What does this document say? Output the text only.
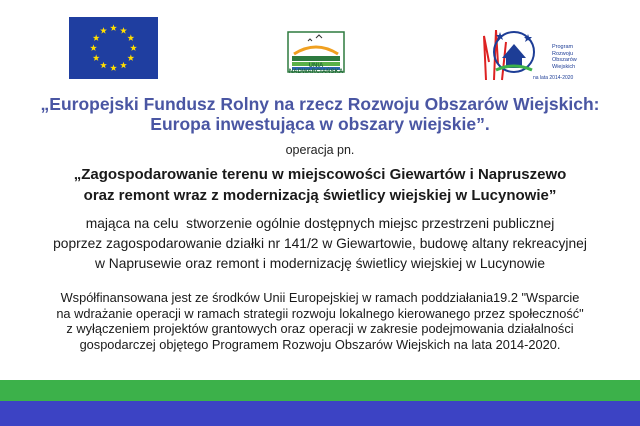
UNIA NADWARCIAŃSKA
Program
Rozwoju
Obszarów
Wiejskich
na lata 2014-2020
„Europejski Fundusz Rolny na rzecz Rozwoju Obszarów Wiejskich:
Europa inwestująca w obszary wiejskie”.
operacja pn.
„Zagospodarowanie terenu w miejscowości Giewartów i Napruszewo
oraz remont wraz z modernizacją świetlicy wiejskiej w Lucynowie”
mająca na celu  stworzenie ogólnie dostępnych miejsc przestrzeni publicznej
poprzez zagospodarowanie działki nr 141/2 w Giewartowie, budowę altany rekreacyjnej
w Naprusewie oraz remont i modernizację świetlicy wiejskiej w Lucynowie
Współfinansowana jest ze środków Unii Europejskiej w ramach poddziałania19.2 "Wsparcie
na wdrażanie operacji w ramach strategii rozwoju lokalnego kierowanego przez społeczność"
z wyłączeniem projektów grantowych oraz operacji w zakresie podejmowania działalności
gospodarczej objętego Programem Rozwoju Obszarów Wiejskich na lata 2014-2020.
